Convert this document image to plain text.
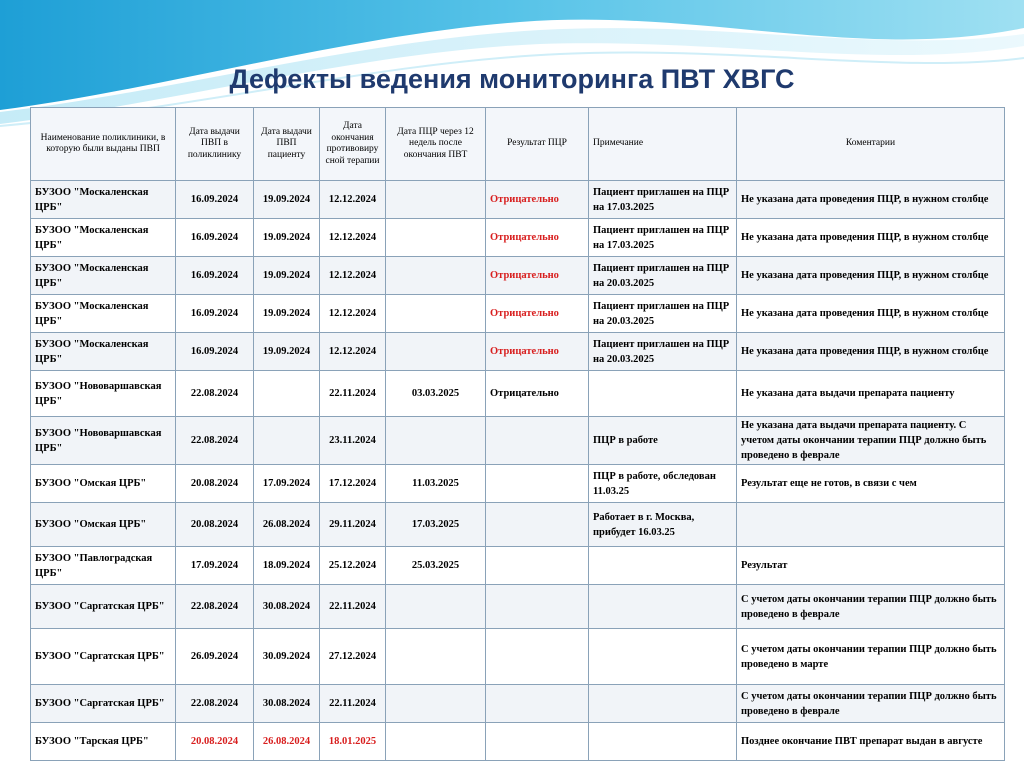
Дефекты ведения мониторинга ПВТ ХВГС
Наименование поликлиники, в которую были выданы ПВП	Дата выдачи ПВП в поликлинику	Дата выдачи ПВП пациенту	Дата окончания противовиру сной терапии	Дата ПЦР через 12 недель после окончания ПВТ	Результат ПЦР	Примечание	Коментарии
БУЗОО "Москаленская ЦРБ"	16.09.2024	19.09.2024	12.12.2024		Отрицательно	Пациент приглашен на ПЦР на 17.03.2025	Не указана дата проведения ПЦР, в нужном столбце
БУЗОО "Москаленская ЦРБ"	16.09.2024	19.09.2024	12.12.2024		Отрицательно	Пациент приглашен на ПЦР на 17.03.2025	Не указана дата проведения ПЦР, в нужном столбце
БУЗОО "Москаленская ЦРБ"	16.09.2024	19.09.2024	12.12.2024		Отрицательно	Пациент приглашен на ПЦР на 20.03.2025	Не указана дата проведения ПЦР, в нужном столбце
БУЗОО "Москаленская ЦРБ"	16.09.2024	19.09.2024	12.12.2024		Отрицательно	Пациент приглашен на ПЦР на 20.03.2025	Не указана дата проведения ПЦР, в нужном столбце
БУЗОО "Москаленская ЦРБ"	16.09.2024	19.09.2024	12.12.2024		Отрицательно	Пациент приглашен на ПЦР на 20.03.2025	Не указана дата проведения ПЦР, в нужном столбце
БУЗОО "Нововаршавская ЦРБ"	22.08.2024		22.11.2024	03.03.2025	Отрицательно		Не указана дата выдачи препарата пациенту
БУЗОО "Нововаршавская ЦРБ"	22.08.2024		23.11.2024			ПЦР в работе	Не указана дата выдачи препарата пациенту. С учетом даты окончании терапии ПЦР должно быть проведено в феврале
БУЗОО "Омская ЦРБ"	20.08.2024	17.09.2024	17.12.2024	11.03.2025		ПЦР в работе, обследован 11.03.25	Результат еще не готов, в связи с чем
БУЗОО "Омская ЦРБ"	20.08.2024	26.08.2024	29.11.2024	17.03.2025		Работает в г. Москва, прибудет 16.03.25	
БУЗОО "Павлоградская ЦРБ"	17.09.2024	18.09.2024	25.12.2024	25.03.2025			Результат
БУЗОО "Саргатская ЦРБ"	22.08.2024	30.08.2024	22.11.2024				С учетом даты окончании терапии ПЦР должно быть проведено в феврале
БУЗОО "Саргатская ЦРБ"	26.09.2024	30.09.2024	27.12.2024				С учетом даты окончании терапии ПЦР должно быть проведено в марте
БУЗОО "Саргатская ЦРБ"	22.08.2024	30.08.2024	22.11.2024				С учетом даты окончании терапии ПЦР должно быть проведено в феврале
БУЗОО "Тарская ЦРБ"	20.08.2024	26.08.2024	18.01.2025				Позднее окончание ПВТ препарат выдан в августе
